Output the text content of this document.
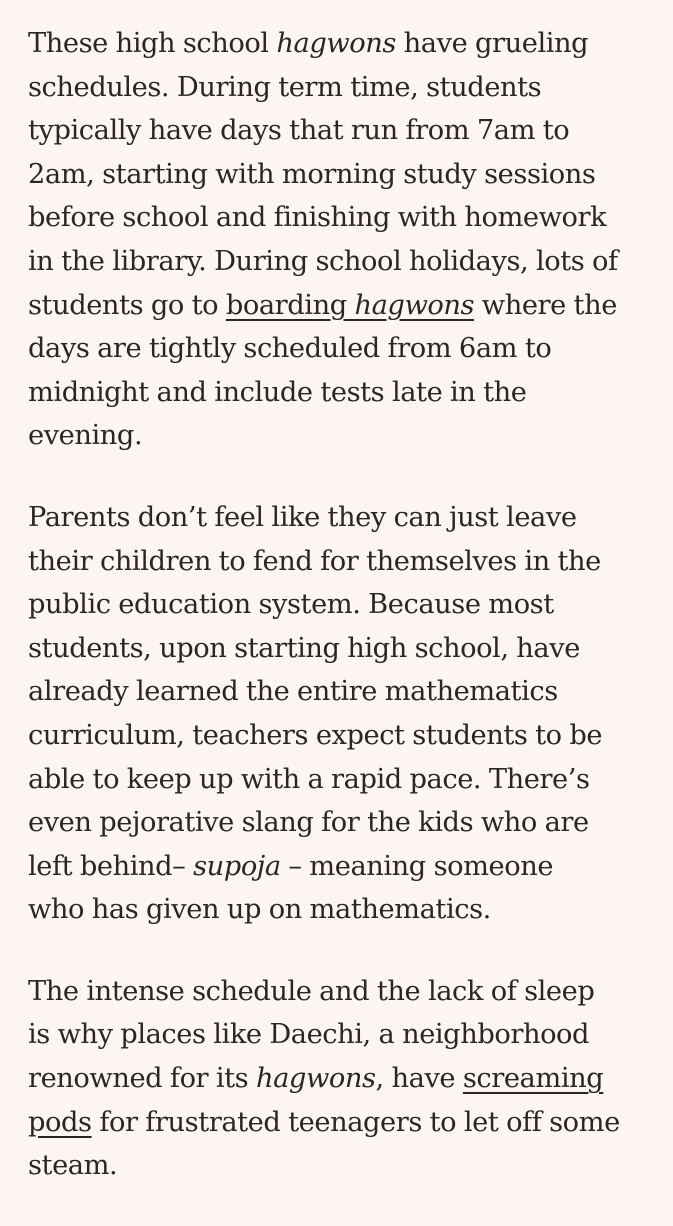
These high school hagwons have grueling
schedules. During term time, students
typically have days that run from 7am to
2am, starting with morning study sessions
before school and finishing with homework
in the library. During school holidays, lots of
students go to boarding hagwons where the
days are tightly scheduled from 6am to
midnight and include tests late in the
evening.

Parents don’t feel like they can just leave
their children to fend for themselves in the
public education system. Because most
students, upon starting high school, have
already learned the entire mathematics
curriculum, teachers expect students to be
able to keep up with a rapid pace. There’s
even pejorative slang for the kids who are
left behind– supoja – meaning someone
who has given up on mathematics.

The intense schedule and the lack of sleep
is why places like Daechi, a neighborhood
renowned for its hagwons, have screaming
pods for frustrated teenagers to let off some
steam.
